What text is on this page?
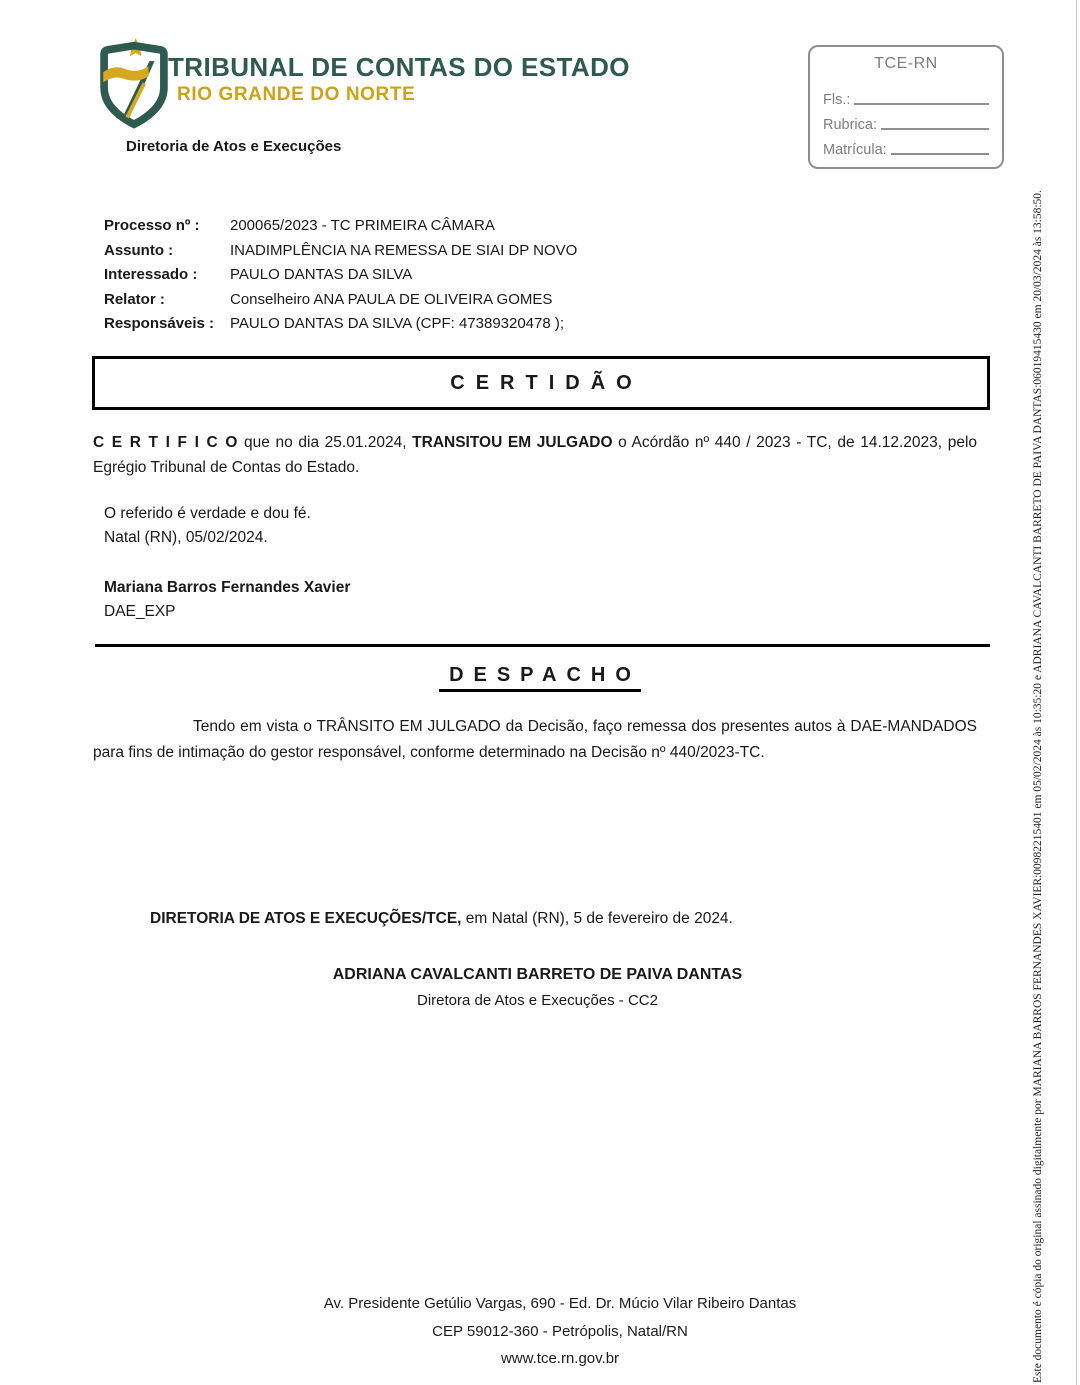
TRIBUNAL DE CONTAS DO ESTADO
RIO GRANDE DO NORTE
Diretoria de Atos e Execuções
TCE-RN
Fls.:
Rubrica:
Matrícula:
Processo nº :	200065/2023 - TC PRIMEIRA CÂMARA
Assunto :	INADIMPLÊNCIA NA REMESSA DE SIAI DP NOVO
Interessado :	PAULO DANTAS DA SILVA
Relator :	Conselheiro ANA PAULA DE OLIVEIRA GOMES
Responsáveis :	PAULO DANTAS DA SILVA (CPF: 47389320478 );
CERTIDÃO
C E R T I F I C O que no dia 25.01.2024, TRANSITOU EM JULGADO o Acórdão nº 440 / 2023 - TC, de 14.12.2023, pelo Egrégio Tribunal de Contas do Estado.
O referido é verdade e dou fé.
Natal (RN), 05/02/2024.
Mariana Barros Fernandes Xavier
DAE_EXP
DESPACHO
Tendo em vista o TRÂNSITO EM JULGADO da Decisão, faço remessa dos presentes autos à DAE-MANDADOS para fins de intimação do gestor responsável, conforme determinado na Decisão nº 440/2023-TC.
DIRETORIA DE ATOS E EXECUÇÕES/TCE, em Natal (RN), 5 de fevereiro de 2024.
ADRIANA CAVALCANTI BARRETO DE PAIVA DANTAS
Diretora de Atos e Execuções - CC2
Av. Presidente Getúlio Vargas, 690 - Ed. Dr. Múcio Vilar Ribeiro Dantas
CEP 59012-360 - Petrópolis, Natal/RN
www.tce.rn.gov.br	Este documento é cópia do original assinado digitalmente por MARIANA BARROS FERNANDES XAVIER:00982215401 em 05/02/2024 às 10:35:20 e ADRIANA CAVALCANTI BARRETO DE PAIVA DANTAS:06019415430 em 20/03/2024 às 13:58:50.
